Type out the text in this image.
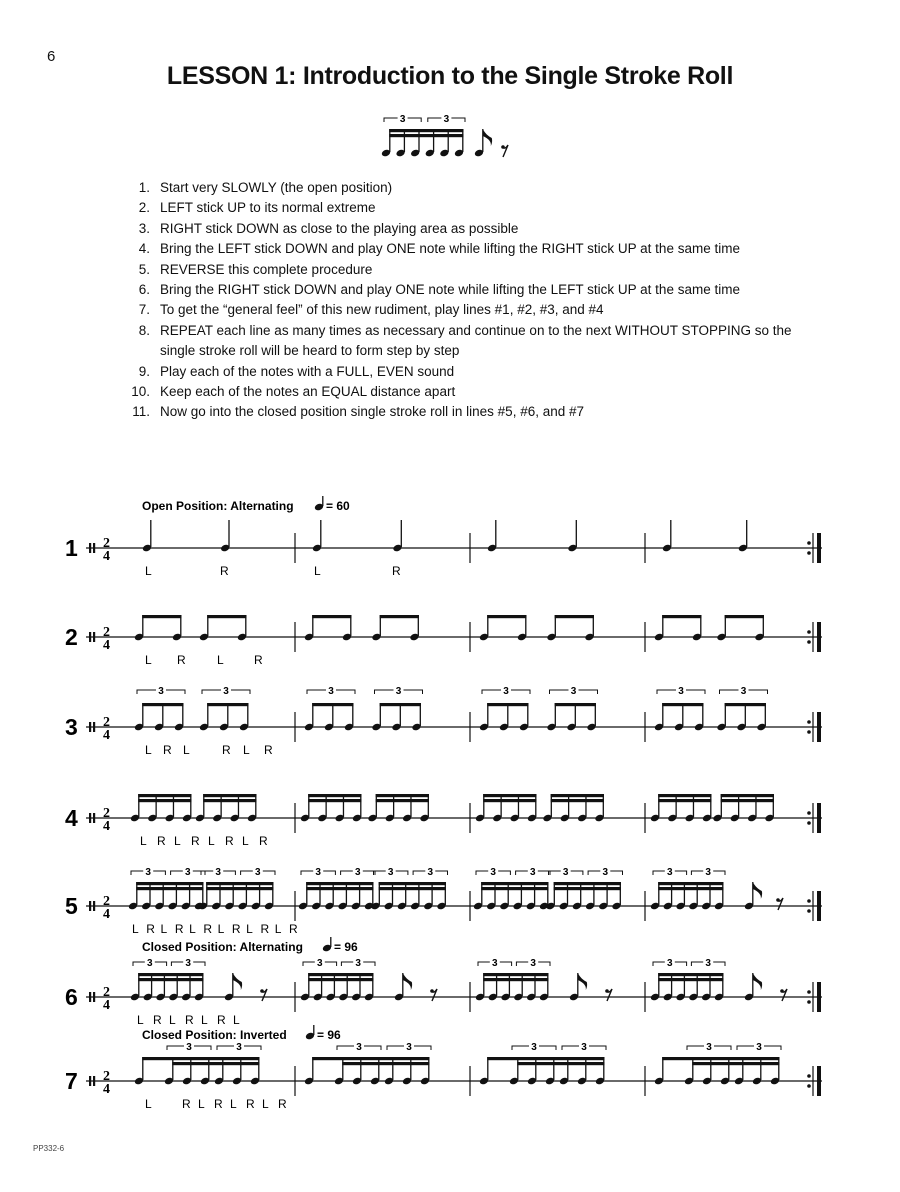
6
LESSON 1: Introduction to the Single Stroke Roll
3	3
1. Start very SLOWLY (the open position)
2. LEFT stick UP to its normal extreme
3. RIGHT stick DOWN as close to the playing area as possible
4. Bring the LEFT stick DOWN and play ONE note while lifting the RIGHT stick UP at the same time
5. REVERSE this complete procedure
6. Bring the RIGHT stick DOWN and play ONE note while lifting the LEFT stick UP at the same time
7. To get the “general feel” of this new rudiment, play lines #1, #2, #3, and #4
8. REPEAT each line as many times as necessary and continue on to the next WITHOUT STOPPING so the single stroke roll will be heard to form step by step
9. Play each of the notes with a FULL, EVEN sound
10. Keep each of the notes an EQUAL distance apart
11. Now go into the closed position single stroke roll in lines #5, #6, and #7
Open Position: Alternating	= 60
1 2
4
L	R	L	R
2 2
4
L R	L	R
3 2
4
3	3	3	3	3	3	3	3
L R L	R L R
4 2
4
L R L R L R L R
5 2
4
3	3 3	3	3	3	3	3	3	3	3	3	3	3
L R L R L R L R L R L R
Closed Position: Alternating	= 96
6 2
4
3	3	3	3	3	3	3	3
L R L R L R L
Closed Position: Inverted	= 96
7 2
4
3	3	3	3	3	3	3	3
L	R L R L R L R
PP332-6
